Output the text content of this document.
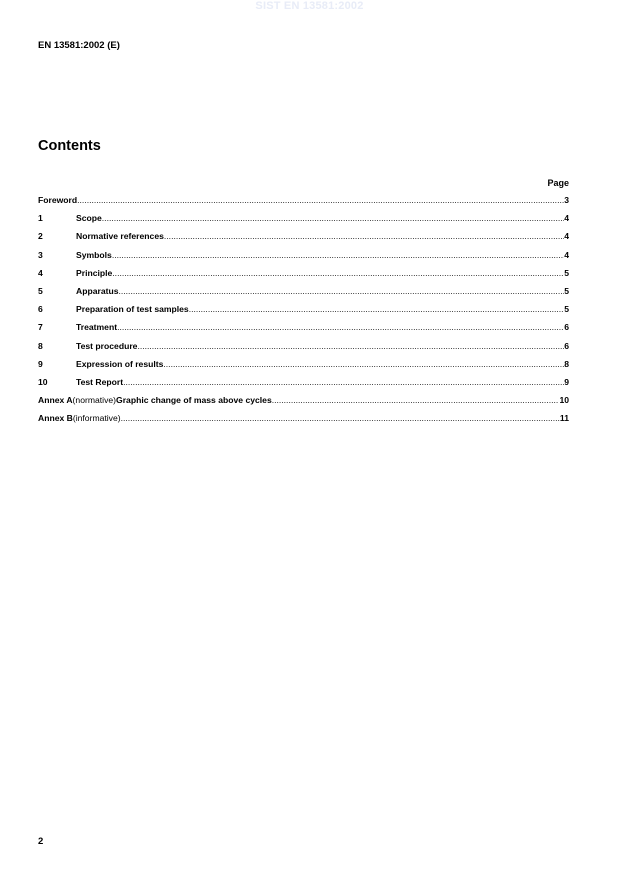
SIST EN 13581:2002
EN 13581:2002 (E)
Contents
Page
Foreword .....	3
1	Scope .....	4
2	Normative references .....	4
3	Symbols .....	4
4	Principle .....	5
5	Apparatus .....	5
6	Preparation of test samples .....	5
7	Treatment .....	6
8	Test procedure .....	6
9	Expression of results .....	8
10	Test Report .....	9
Annex A (normative) Graphic change of mass above cycles .....	10
Annex B (informative) .....	11
2
